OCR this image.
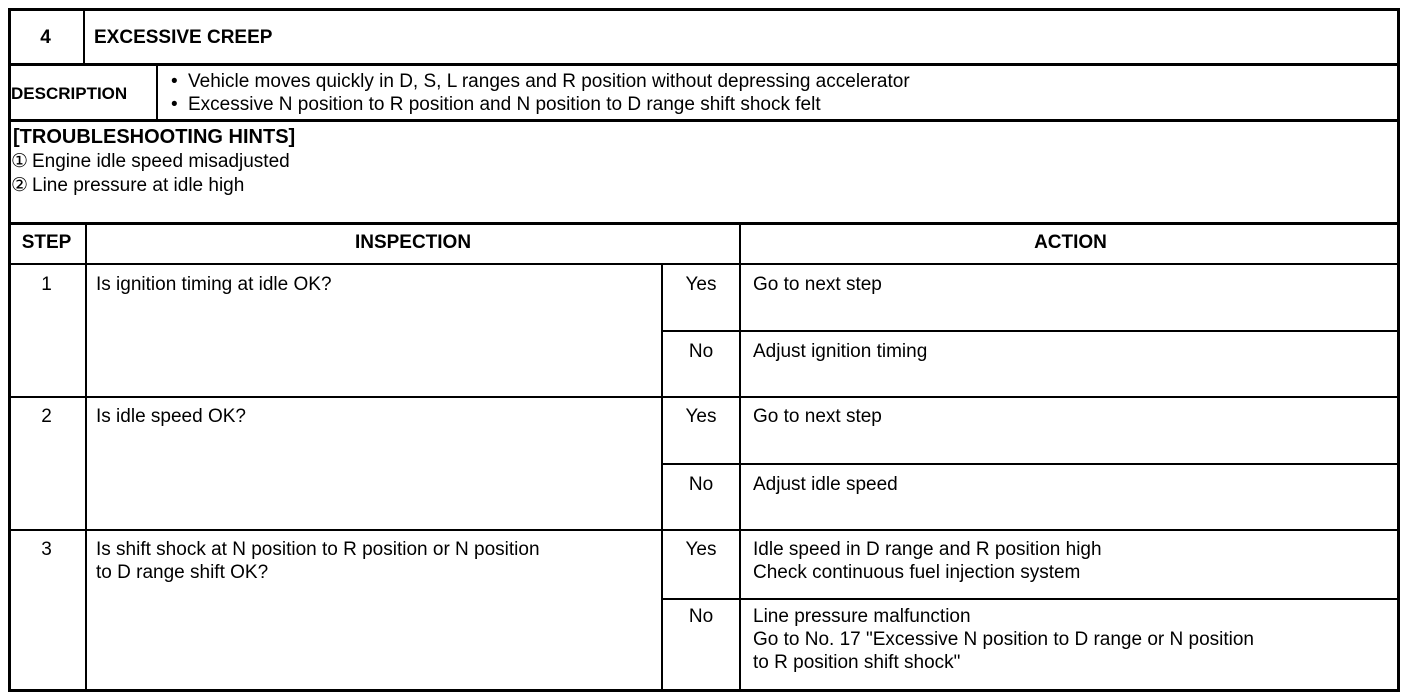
4	EXCESSIVE CREEP
DESCRIPTION
• Vehicle moves quickly in D, S, L ranges and R position without depressing accelerator
• Excessive N position to R position and N position to D range shift shock felt
[TROUBLESHOOTING HINTS]
① Engine idle speed misadjusted
② Line pressure at idle high
STEP	INSPECTION	ACTION
1	Is ignition timing at idle OK?	Yes	Go to next step
No	Adjust ignition timing
2	Is idle speed OK?	Yes	Go to next step
No	Adjust idle speed
3	Is shift shock at N position to R position or N position
to D range shift OK?
Yes	Idle speed in D range and R position high
Check continuous fuel injection system
No	Line pressure malfunction
Go to No. 17 "Excessive N position to D range or N position
to R position shift shock"
